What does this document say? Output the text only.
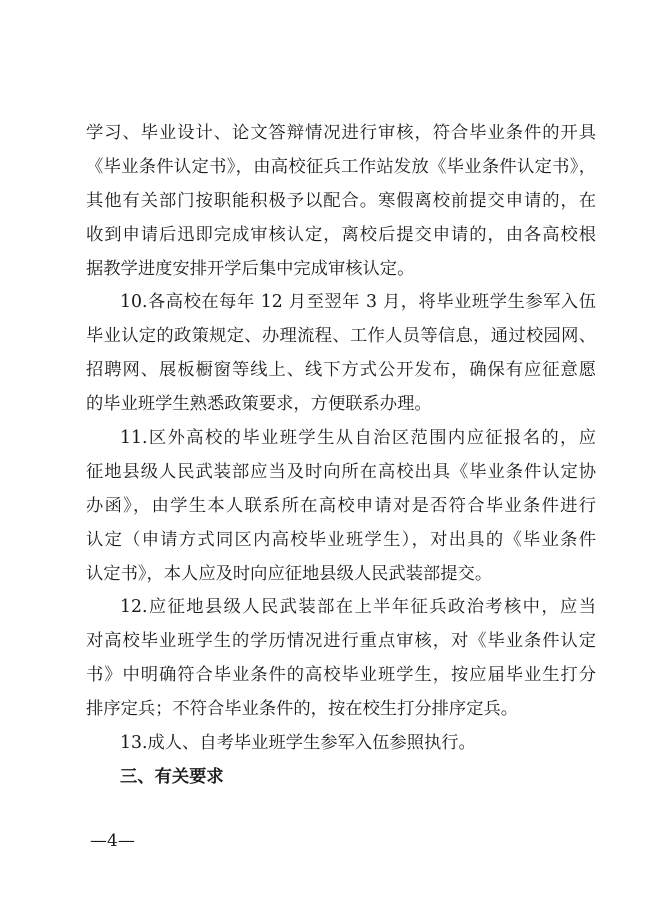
学习、毕业设计、论文答辩情况进行审核，符合毕业条件的开具
《毕业条件认定书》，由高校征兵工作站发放《毕业条件认定书》，
其他有关部门按职能积极予以配合。寒假离校前提交申请的，在
收到申请后迅即完成审核认定，离校后提交申请的，由各高校根
据教学进度安排开学后集中完成审核认定。
10.各高校在每年 12 月至翌年 3 月，将毕业班学生参军入伍
毕业认定的政策规定、办理流程、工作人员等信息，通过校园网、
招聘网、展板橱窗等线上、线下方式公开发布，确保有应征意愿
的毕业班学生熟悉政策要求，方便联系办理。
11.区外高校的毕业班学生从自治区范围内应征报名的，应
征地县级人民武装部应当及时向所在高校出具《毕业条件认定协
办函》，由学生本人联系所在高校申请对是否符合毕业条件进行
认定（申请方式同区内高校毕业班学生），对出具的《毕业条件
认定书》，本人应及时向应征地县级人民武装部提交。
12.应征地县级人民武装部在上半年征兵政治考核中，应当
对高校毕业班学生的学历情况进行重点审核，对《毕业条件认定
书》中明确符合毕业条件的高校毕业班学生，按应届毕业生打分
排序定兵；不符合毕业条件的，按在校生打分排序定兵。
13.成人、自考毕业班学生参军入伍参照执行。
三、有关要求
—4—
